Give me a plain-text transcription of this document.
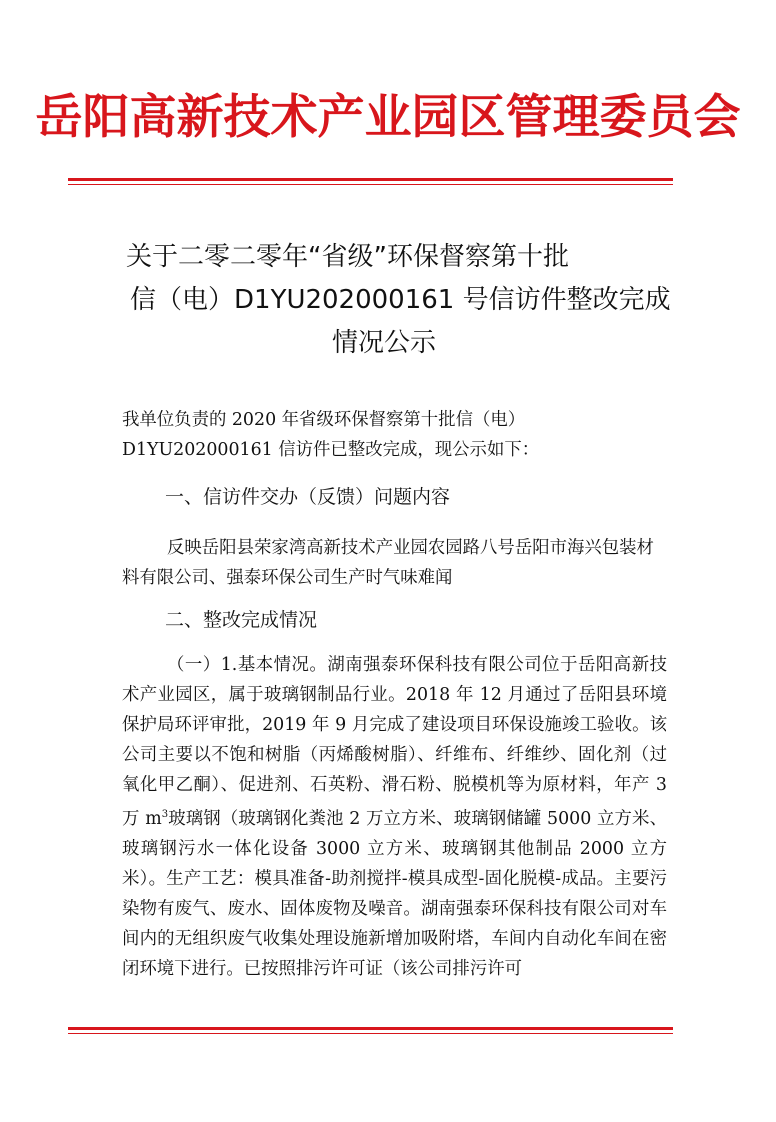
岳阳高新技术产业园区管理委员会
关于二零二零年“省级”环保督察第十批
信（电）D1YU202000161 号信访件整改完成
情况公示

我单位负责的 2020 年省级环保督察第十批信（电）

D1YU202000161 信访件已整改完成，现公示如下：

一、信访件交办（反馈）问题内容

反映岳阳县荣家湾高新技术产业园农园路八号岳阳市海兴包装材料有限公司、强泰环保公司生产时气味难闻

二、整改完成情况

（一）1.基本情况。湖南强泰环保科技有限公司位于岳阳高新技术产业园区，属于玻璃钢制品行业。2018 年 12 月通过了岳阳县环境保护局环评审批，2019 年 9 月完成了建设项目环保设施竣工验收。该公司主要以不饱和树脂（丙烯酸树脂）、纤维布、纤维纱、固化剂（过氧化甲乙酮）、促进剂、石英粉、滑石粉、脱模机等为原材料，年产 3 万 $m^3$玻璃钢（玻璃钢化粪池 2 万立方米、玻璃钢储罐 5000 立方米、玻璃钢污水一体化设备 3000 立方米、玻璃钢其他制品 2000 立方米）。生产工艺：模具准备-助剂搅拌-模具成型-固化脱模-成品。主要污染物有废气、废水、固体废物及噪音。湖南强泰环保科技有限公司对车间内的无组织废气收集处理设施新增加吸附塔，车间内自动化车间在密闭环境下进行。已按照排污许可证（该公司排污许可
